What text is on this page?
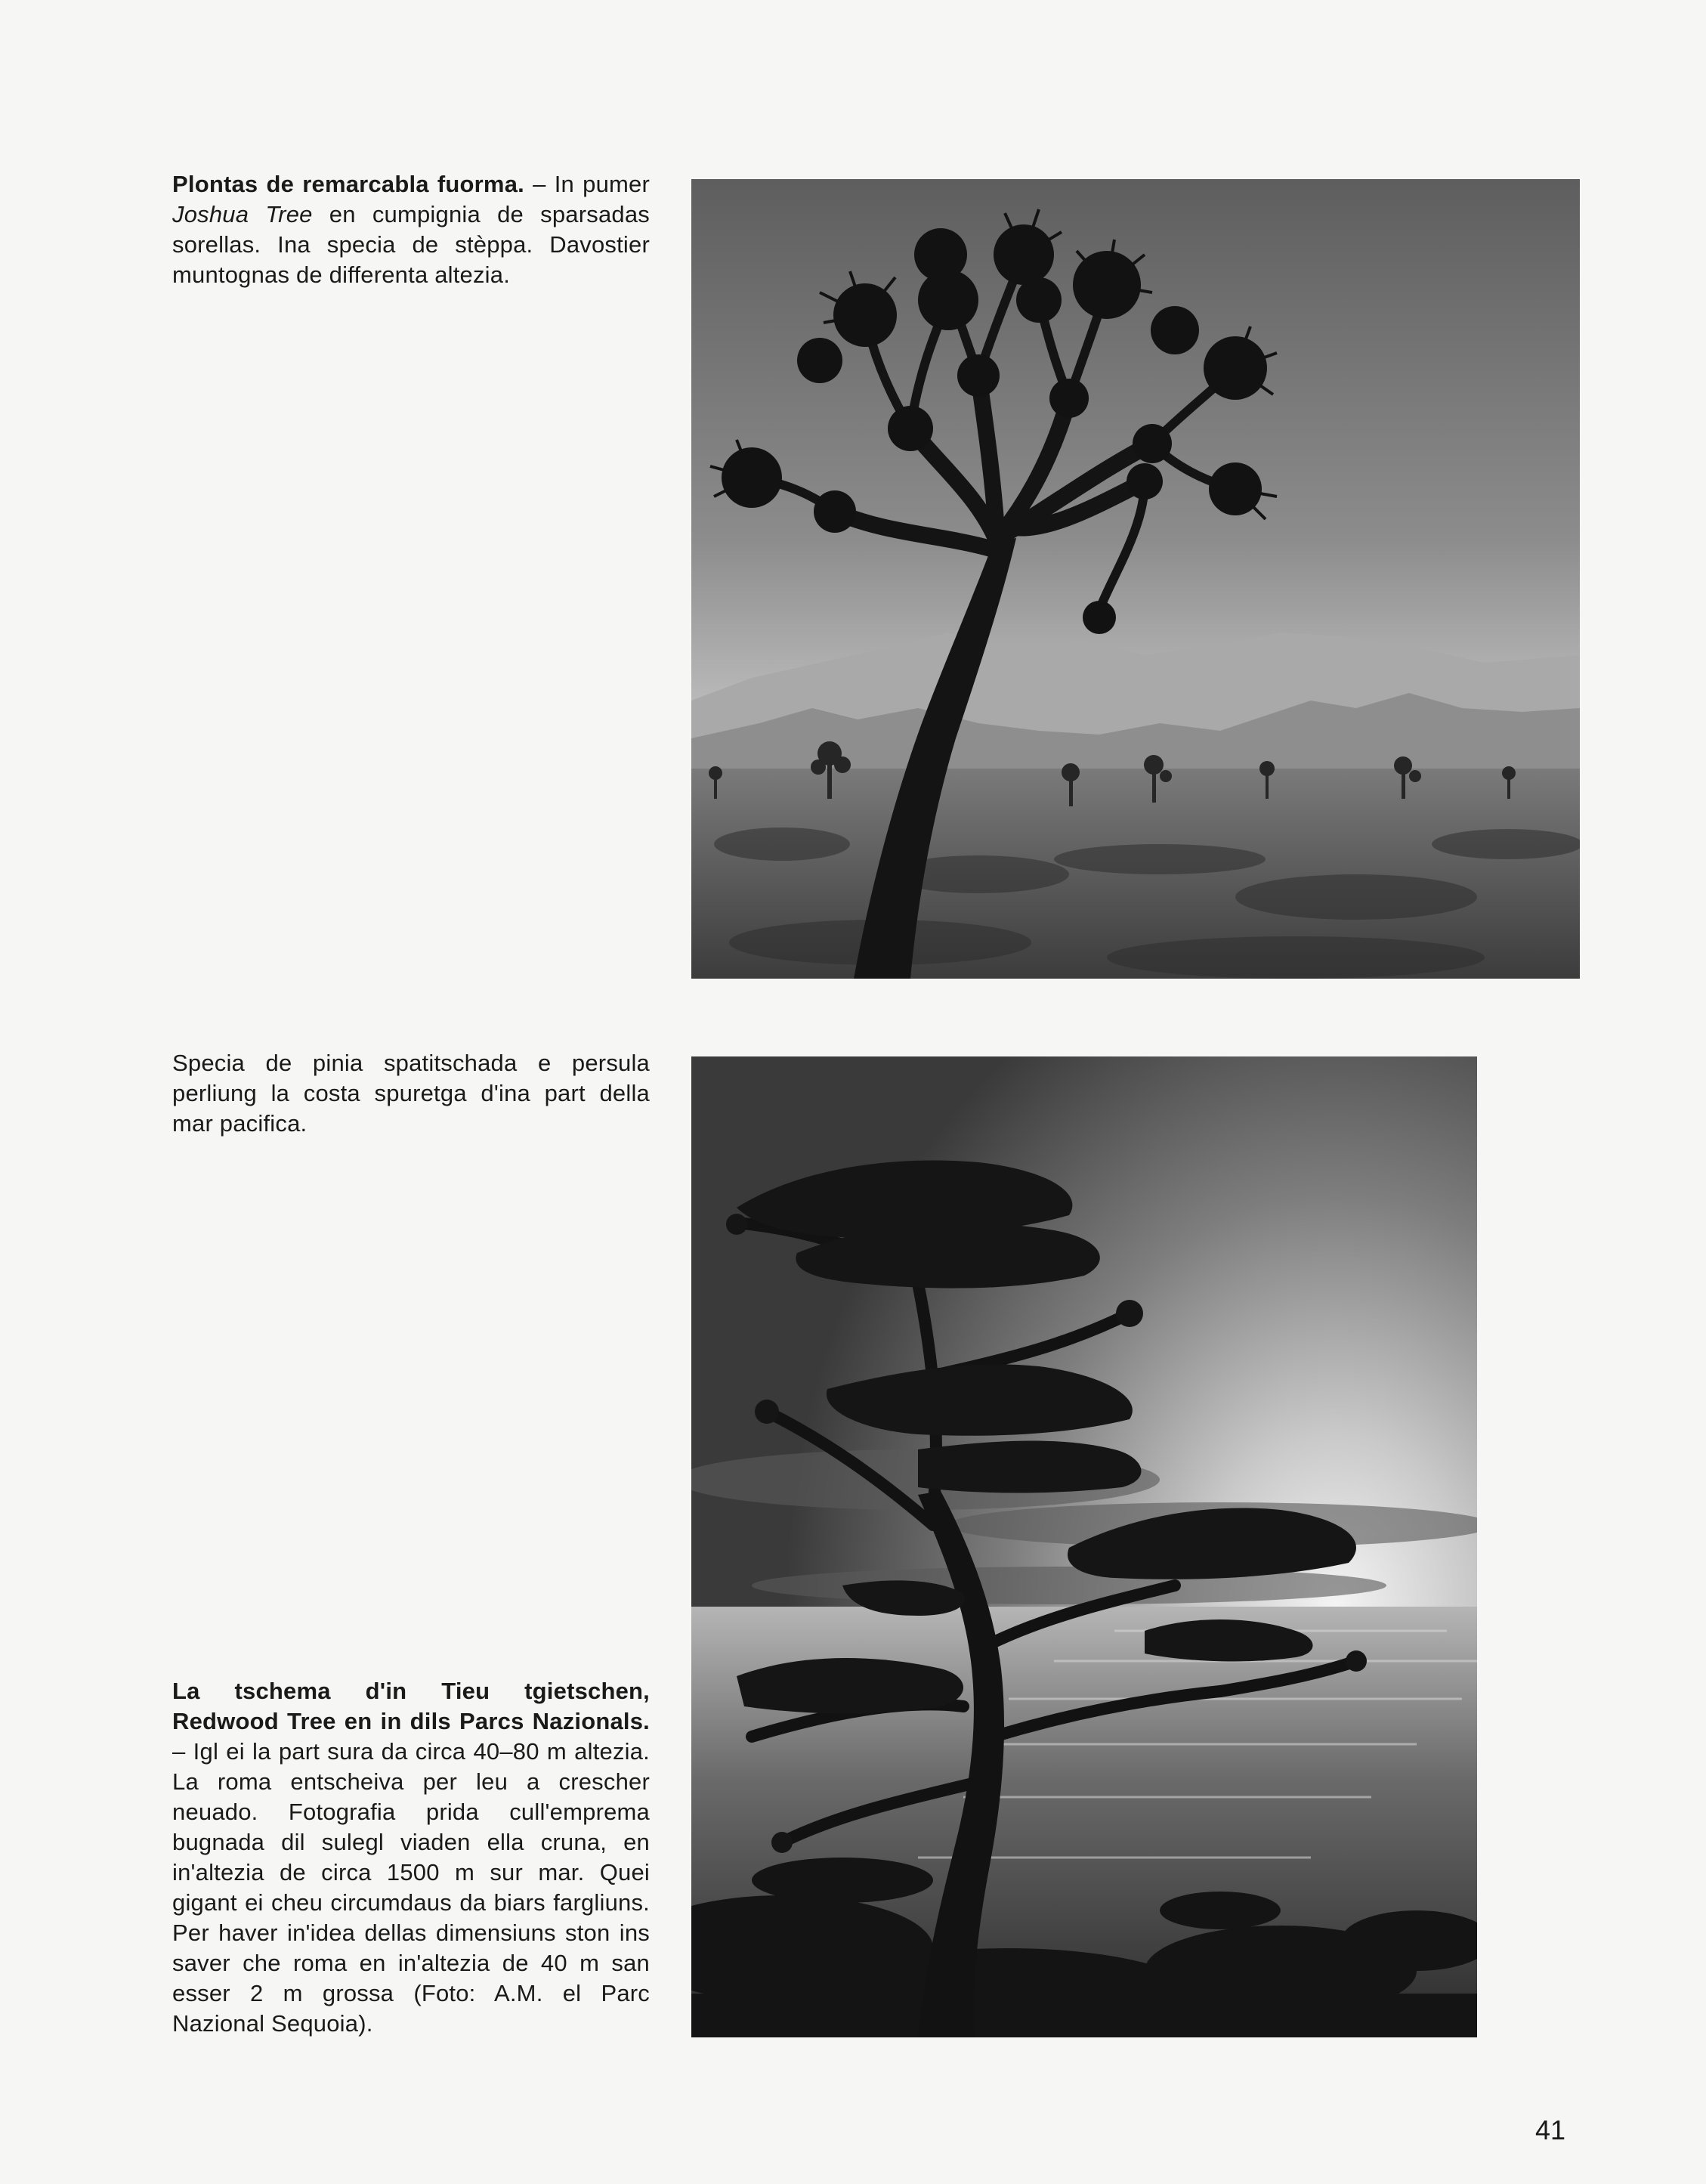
Plontas de remarcabla fuorma. – In pumer Joshua Tree en cumpignia de sparsadas sorellas. Ina specia de stèppa. Davostier muntognas de differenta altezia.
Specia de pinia spatitschada e persula perliung la costa spuretga d'ina part della mar pacifica.
La tschema d'in Tieu tgietschen, Redwood Tree en in dils Parcs Nazionals. – Igl ei la part sura da circa 40–80 m altezia. La roma entscheiva per leu a crescher neuado. Fotografia prida cull'emprema bugnada dil sulegl viaden ella cruna, en in'altezia de circa 1500 m sur mar. Quei gigant ei cheu circumdaus da biars fargliuns. Per haver in'idea dellas dimensiuns ston ins saver che roma en in'altezia de 40 m san esser 2 m grossa (Foto: A.M. el Parc Nazional Sequoia).
41
